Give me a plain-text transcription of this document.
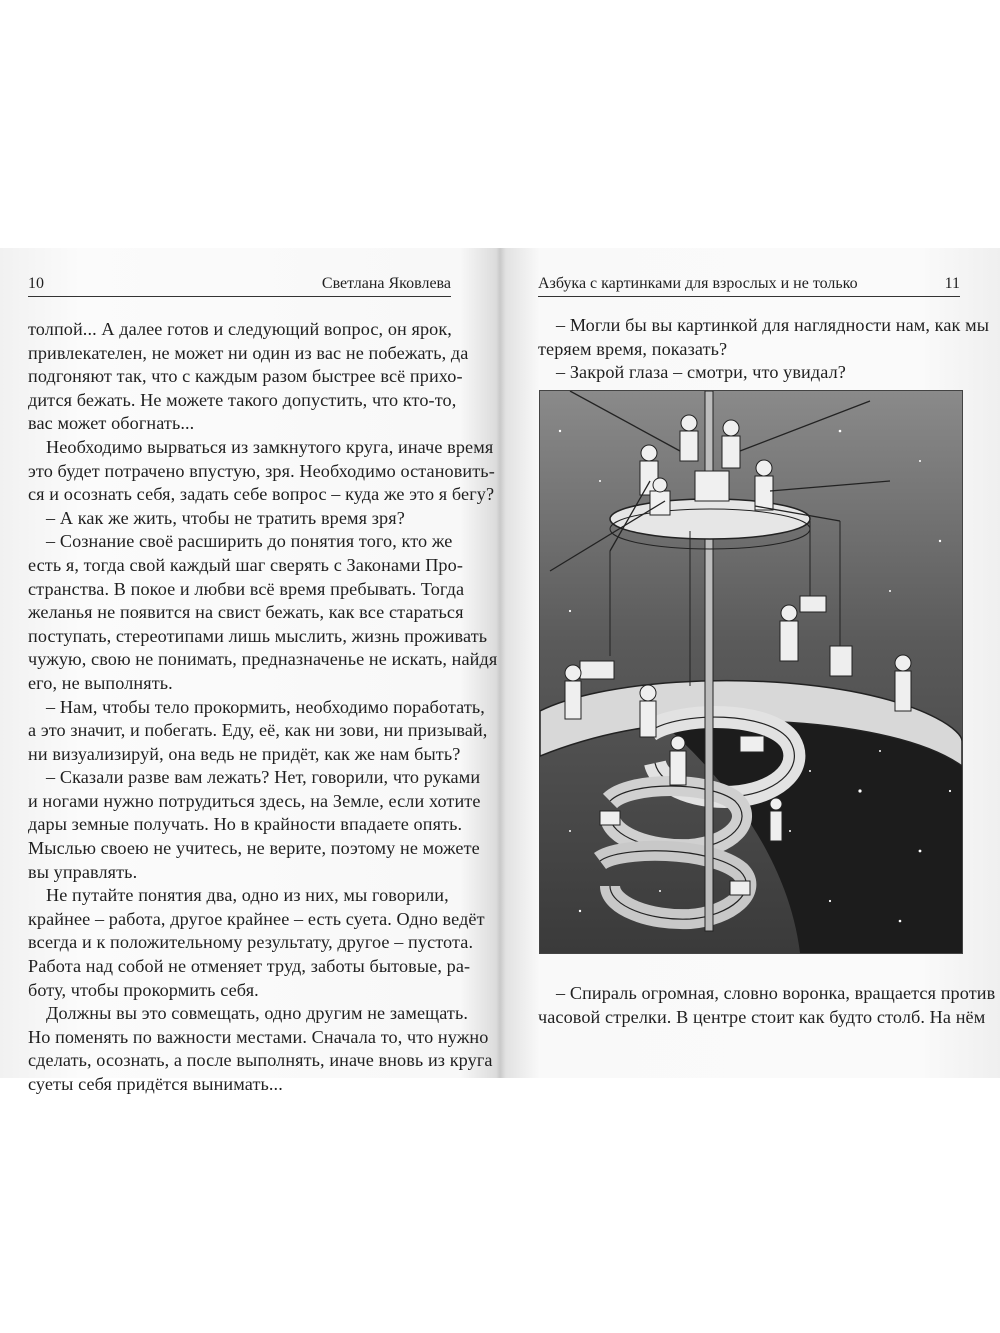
10	Светлана Яковлева
толпой... А далее готов и следующий вопрос, он ярок,
привлекателен, не может ни один из вас не побежать, да
подгоняют так, что с каждым разом быстрее всё прихо-
дится бежать. Не можете такого допустить, что кто-то,
вас может обогнать...
Необходимо вырваться из замкнутого круга, иначе время
это будет потрачено впустую, зря. Необходимо остановить-
ся и осознать себя, задать себе вопрос – куда же это я бегу?
– А как же жить, чтобы не тратить время зря?
– Сознание своё расширить до понятия того, кто же
есть я, тогда свой каждый шаг сверять с Законами Про-
странства. В покое и любви всё время пребывать. Тогда
желанья не появится на свист бежать, как все стараться
поступать, стереотипами лишь мыслить, жизнь проживать
чужую, свою не понимать, предназначенье не искать, найдя
его, не выполнять.
– Нам, чтобы тело прокормить, необходимо поработать,
а это значит, и побегать. Еду, её, как ни зови, ни призывай,
ни визуализируй, она ведь не придёт, как же нам быть?
– Сказали разве вам лежать? Нет, говорили, что руками
и ногами нужно потрудиться здесь, на Земле, если хотите
дары земные получать. Но в крайности впадаете опять.
Мыслью своею не учитесь, не верите, поэтому не можете
вы управлять.
Не путайте понятия два, одно из них, мы говорили,
крайнее – работа, другое крайнее – есть суета. Одно ведёт
всегда и к положительному результату, другое – пустота.
Работа над собой не отменяет труд, заботы бытовые, ра-
боту, чтобы прокормить себя.
Должны вы это совмещать, одно другим не замещать.
Но поменять по важности местами. Сначала то, что нужно
сделать, осознать, а после выполнять, иначе вновь из круга
суеты себя придётся вынимать...
Азбука с картинками для взрослых и не только	11
– Могли бы вы картинкой для наглядности нам, как мы
теряем время, показать?
– Закрой глаза – смотри, что увидал?
– Спираль огромная, словно воронка, вращается против
часовой стрелки. В центре стоит как будто столб. На нём
